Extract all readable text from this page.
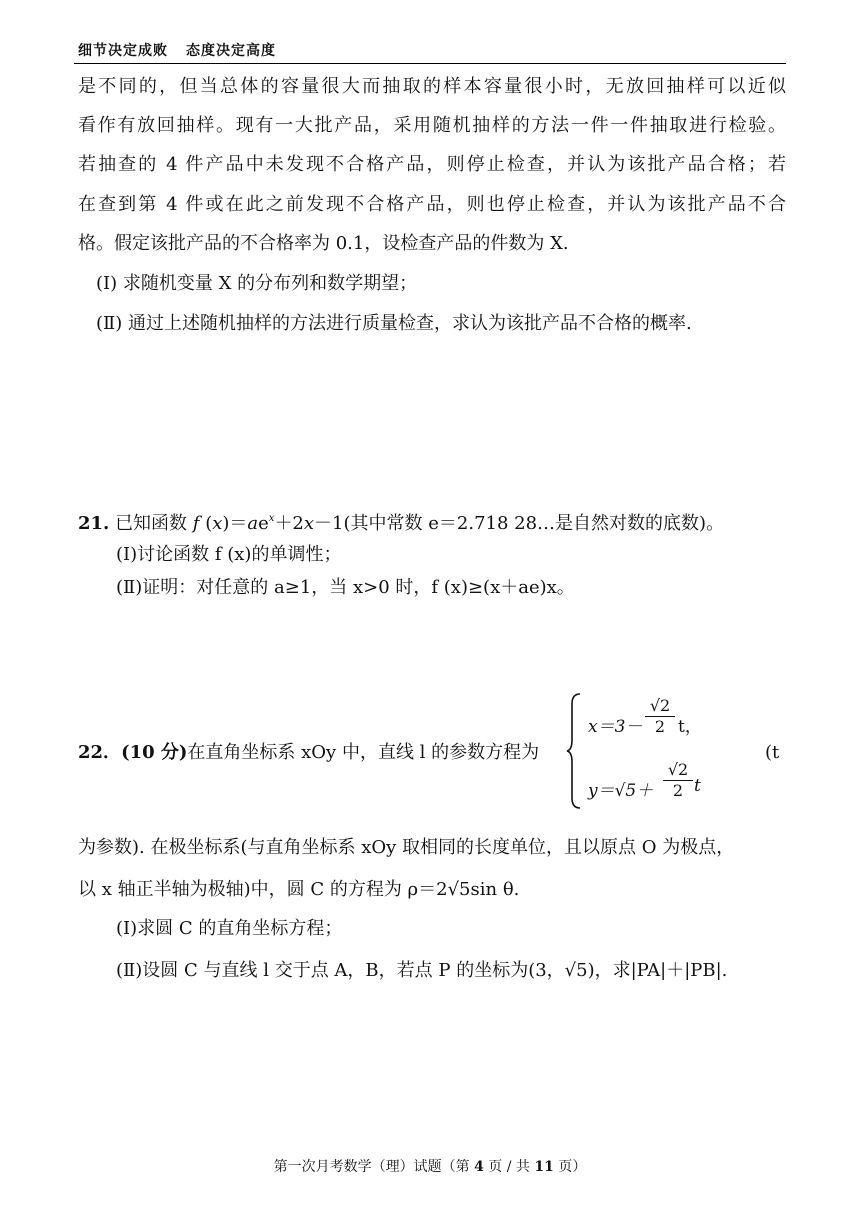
细节决定成败 态度决定高度
是不同的，但当总体的容量很大而抽取的样本容量很小时，无放回抽样可以近似
看作有放回抽样。现有一大批产品，采用随机抽样的方法一件一件抽取进行检验。
若抽查的 4 件产品中未发现不合格产品，则停止检查，并认为该批产品合格；若
在查到第 4 件或在此之前发现不合格产品，则也停止检查，并认为该批产品不合
格。假定该批产品的不合格率为 0.1，设检查产品的件数为 X.
(Ⅰ) 求随机变量 X 的分布列和数学期望；
(Ⅱ) 通过上述随机抽样的方法进行质量检查，求认为该批产品不合格的概率.
21. 已知函数 f $(x)=ae^x+2x-1$(其中常数 e＝2.718 28…是自然对数的底数)。
(Ⅰ)讨论函数 f (x)的单调性；
(Ⅱ)证明：对任意的 a≥1，当 x>0 时，f (x)≥(x＋ae)x。
22．(10 分)在直角坐标系 xOy 中，直线 l 的参数方程为
$x=3- \frac{√2}{2}$ t，
$y=√5+ \frac{√2}{2}$ t
(t
为参数). 在极坐标系(与直角坐标系 xOy 取相同的长度单位，且以原点 O 为极点，
以 x 轴正半轴为极轴)中，圆 C 的方程为 ρ＝2√5sin θ.
(Ⅰ)求圆 C 的直角坐标方程；
(Ⅱ)设圆 C 与直线 l 交于点 A，B，若点 P 的坐标为(3，√5)，求|PA|＋|PB|.
第一次月考数学（理）试题（第 4 页 / 共 11 页）
